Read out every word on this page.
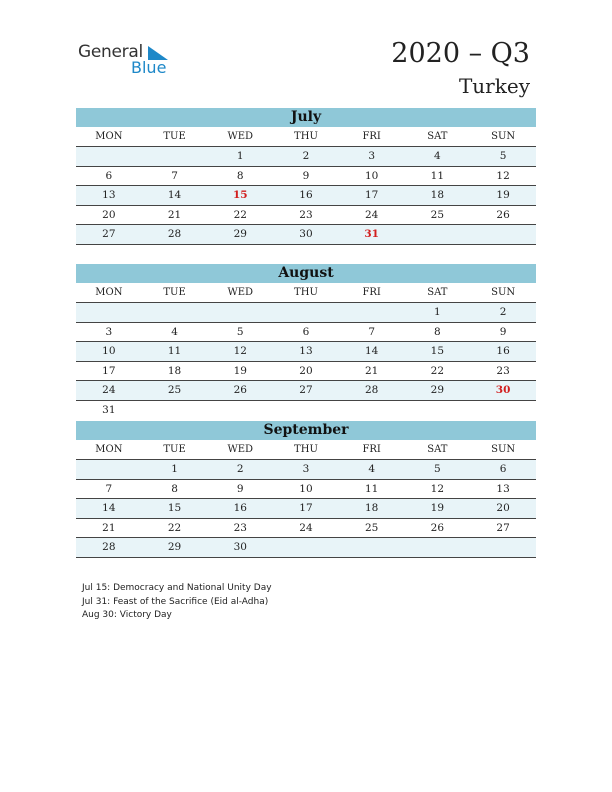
General
Blue	2020 – Q3
Turkey
July
MON	TUE	WED	THU	FRI	SAT	SUN
		1	2	3	4	5
6	7	8	9	10	11	12
13	14	15	16	17	18	19
20	21	22	23	24	25	26
27	28	29	30	31		
August
MON	TUE	WED	THU	FRI	SAT	SUN
					1	2
3	4	5	6	7	8	9
10	11	12	13	14	15	16
17	18	19	20	21	22	23
24	25	26	27	28	29	30
31						
September
MON	TUE	WED	THU	FRI	SAT	SUN
	1	2	3	4	5	6
7	8	9	10	11	12	13
14	15	16	17	18	19	20
21	22	23	24	25	26	27
28	29	30				
Jul 15: Democracy and National Unity Day
Jul 31: Feast of the Sacrifice (Eid al-Adha)
Aug 30: Victory Day
